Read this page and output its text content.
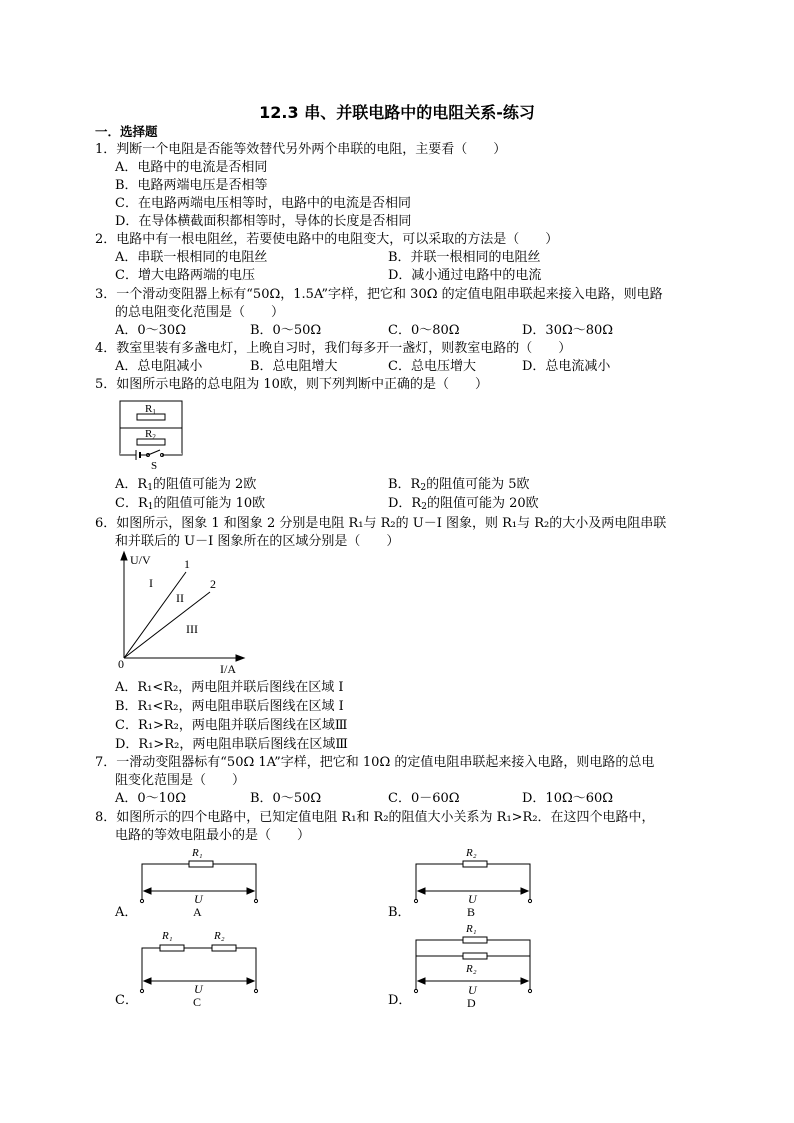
12.3 串、并联电路中的电阻关系-练习
一．选择题
1．判断一个电阻是否能等效替代另外两个串联的电阻，主要看（　　）
A．电路中的电流是否相同
B．电路两端电压是否相等
C．在电路两端电压相等时，电路中的电流是否相同
D．在导体横截面积都相等时，导体的长度是否相同
2．电路中有一根电阻丝，若要使电路中的电阻变大，可以采取的方法是（　　）
A．串联一根相同的电阻丝	B．并联一根相同的电阻丝
C．增大电路两端的电压	D．减小通过电路中的电流
3．一个滑动变阻器上标有“50Ω，1.5A”字样，把它和 30Ω 的定值电阻串联起来接入电路，则电路
的总电阻变化范围是（　　）
A．0～30Ω	B．0～50Ω	C．0～80Ω	D．30Ω～80Ω
4．教室里装有多盏电灯，上晚自习时，我们每多开一盏灯，则教室电路的（　　）
A．总电阻减小	B．总电阻增大	C．总电压增大	D．总电流减小
5．如图所示电路的总电阻为 10欧，则下列判断中正确的是（　　）
R1
R2
S
A．$R_1$的阻值可能为 2欧	B．$R_2$的阻值可能为 5欧
C．$R_1$的阻值可能为 10欧	D．$R_2$的阻值可能为 20欧
6．如图所示，图象 1 和图象 2 分别是电阻 R₁与 R₂的 U－I 图象，则 R₁与 R₂的大小及两电阻串联
和并联后的 U－I 图象所在的区域分别是（　　）
U/V
I/A
0
1
2
I
II
III
A．R₁<R₂，两电阻并联后图线在区域 I
B．R₁<R₂，两电阻串联后图线在区域 I
C．R₁>R₂，两电阻并联后图线在区域Ⅲ
D．R₁>R₂，两电阻串联后图线在区域Ⅲ
7．一滑动变阻器标有“50Ω 1A”字样，把它和 10Ω 的定值电阻串联起来接入电路，则电路的总电
阻变化范围是（　　）
A．0～10Ω	B．0～50Ω	C．0－60Ω	D．10Ω～60Ω
8．如图所示的四个电路中，已知定值电阻 R₁和 R₂的阻值大小关系为 R₁>R₂．在这四个电路中，
电路的等效电阻最小的是（　　）
R₁
U
A
A．
R₂
U
B
B．
R₁	R₂
U
C
C．
R₁
R₂
U
D
D．
